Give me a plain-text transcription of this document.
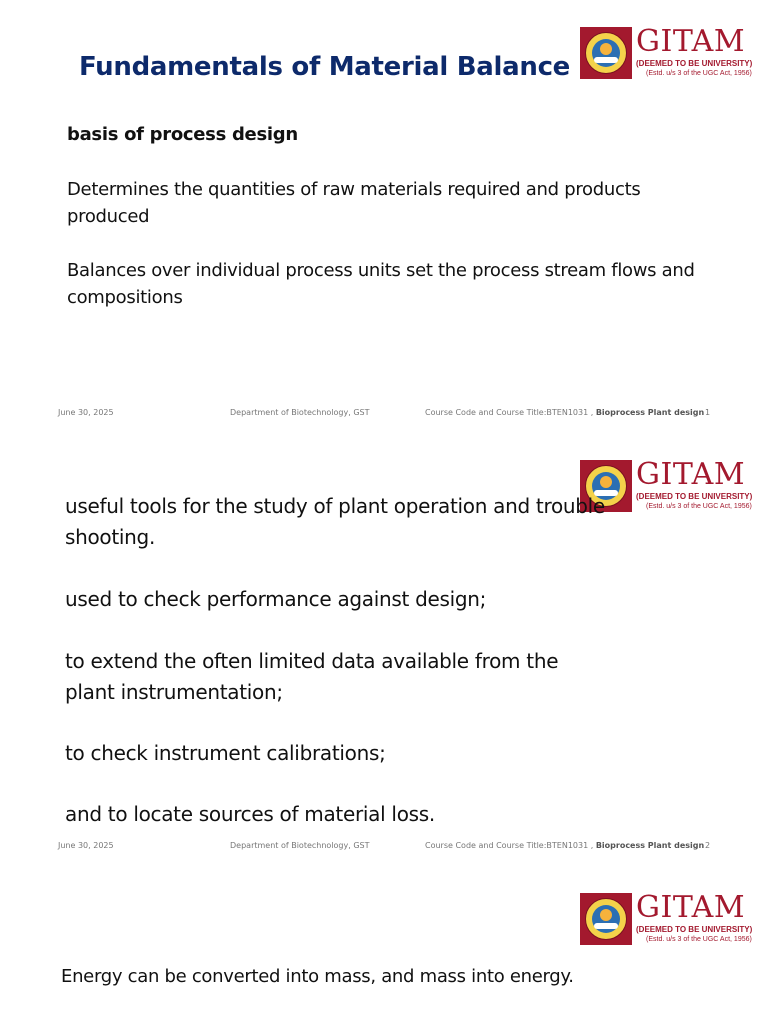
Fundamentals of Material Balance
GITAM
(DEEMED TO BE UNIVERSITY)
(Estd. u/s 3 of the UGC Act, 1956)
basis of process design
Determines the quantities of raw materials required and products produced
Balances over individual process units set the process stream flows and compositions
June 30, 2025	Department of Biotechnology, GST	Course Code and Course Title:BTEN1031 , Bioprocess Plant design 1
GITAM
(DEEMED TO BE UNIVERSITY)
(Estd. u/s 3 of the UGC Act, 1956)
useful tools for the study of plant operation and trouble shooting.
used to check performance against design;
to extend the often limited data available from the plant instrumentation;
to check instrument calibrations;
and to locate sources of material loss.
June 30, 2025	Department of Biotechnology, GST	Course Code and Course Title:BTEN1031 , Bioprocess Plant design 2
GITAM
(DEEMED TO BE UNIVERSITY)
(Estd. u/s 3 of the UGC Act, 1956)
Energy can be converted into mass, and mass into energy.
